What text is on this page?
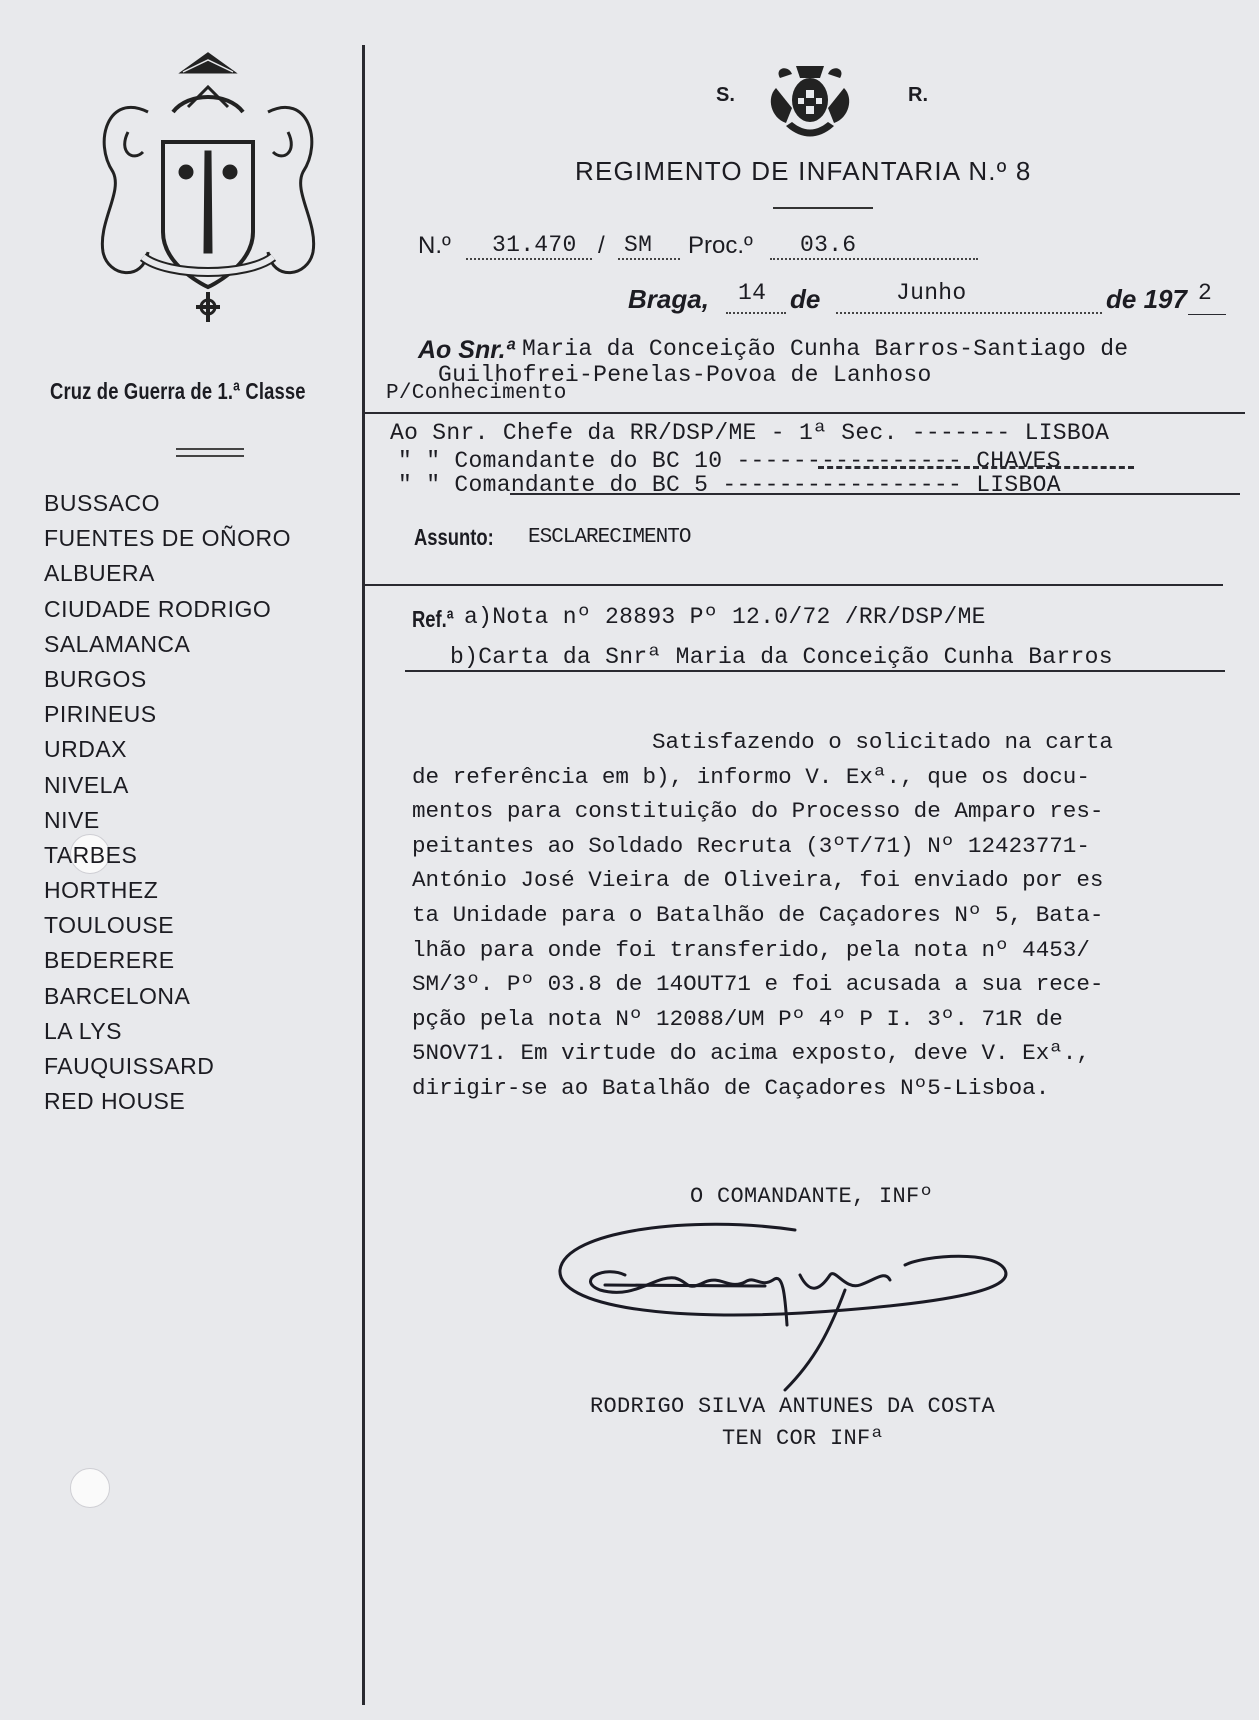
Cruz de Guerra de 1.ª Classe
BUSSACO
FUENTES DE OÑORO
ALBUERA
CIUDADE RODRIGO
SALAMANCA
BURGOS
PIRINEUS
URDAX
NIVELA
NIVE
TARBES
HORTHEZ
TOULOUSE
BEDERERE
BARCELONA
LA LYS
FAUQUISSARD
RED HOUSE
S.	R.
REGIMENTO DE INFANTARIA N.º 8
N.º 31.470 / SM Proc.º 03.6
Braga, 14 de	Junho	de 197 2
Ao Snr.ª Maria da Conceição Cunha Barros-Santiago de
Guilhofrei-Penelas-Povoa de Lanhoso
P/Conhecimento
Ao Snr. Chefe da RR/DSP/ME - 1ª Sec. ------- LISBOA
" " Comandante do BC 10 ---------------- CHAVES
" " Comandante do BC 5 ----------------- LISBOA
Assunto: ESCLARECIMENTO
Ref.ª a)Nota nº 28893 Pº 12.0/72 /RR/DSP/ME
b)Carta da Snrª Maria da Conceição Cunha Barros
Satisfazendo o solicitado na carta
de referência em b), informo V. Exª., que os docu-
mentos para constituição do Processo de Amparo res-
peitantes ao Soldado Recruta (3ºT/71) Nº 12423771-
António José Vieira de Oliveira, foi enviado por es
ta Unidade para o Batalhão de Caçadores Nº 5, Bata-
lhão para onde foi transferido, pela nota nº 4453/
SM/3º. Pº 03.8 de 14OUT71 e foi acusada a sua rece-
pção pela nota Nº 12088/UM Pº 4º P I. 3º. 71R de
5NOV71. Em virtude do acima exposto, deve V. Exª.,
dirigir-se ao Batalhão de Caçadores Nº5-Lisboa.
O COMANDANTE, INFº
RODRIGO SILVA ANTUNES DA COSTA
TEN COR INFª
